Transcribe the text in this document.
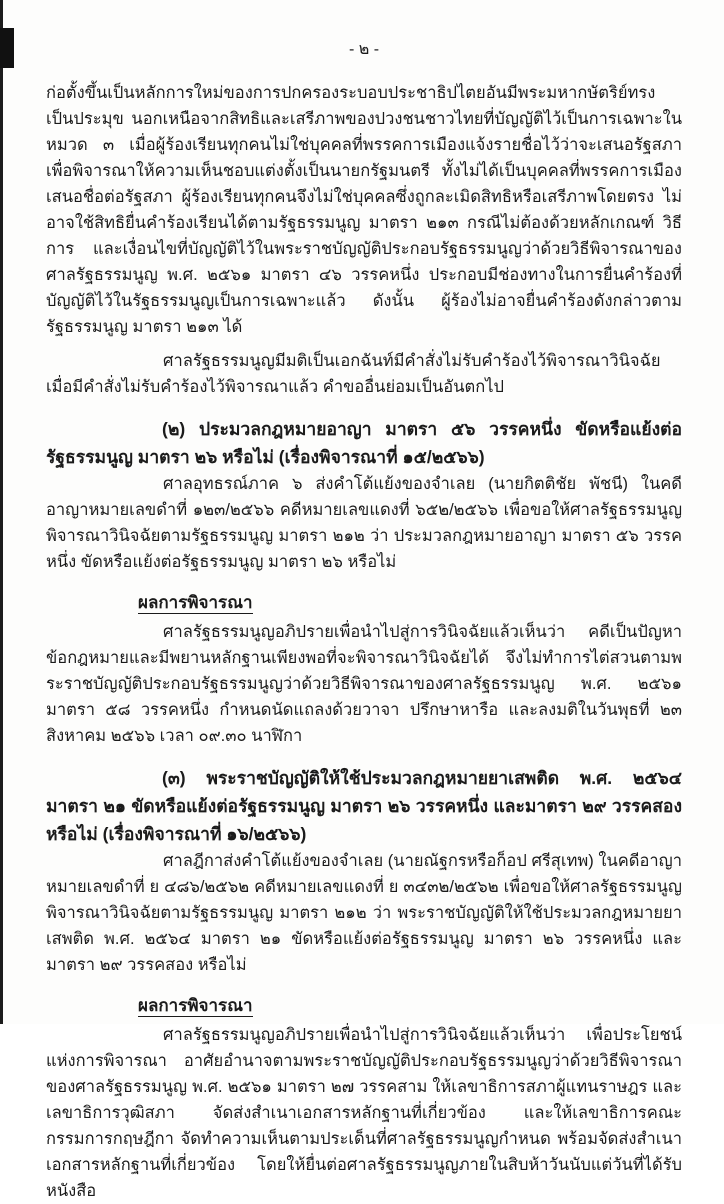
- ๒ -

ก่อตั้งขึ้นเป็นหลักการใหม่ของการปกครองระบอบประชาธิปไตยอันมีพระมหากษัตริย์ทรงเป็นประมุข นอกเหนือจากสิทธิและเสรีภาพของปวงชนชาวไทยที่บัญญัติไว้เป็นการเฉพาะในหมวด ๓ เมื่อผู้ร้องเรียนทุกคนไม่ใช่บุคคลที่พรรคการเมืองแจ้งรายชื่อไว้ว่าจะเสนอรัฐสภาเพื่อพิจารณาให้ความเห็นชอบแต่งตั้งเป็นนายกรัฐมนตรี ทั้งไม่ได้เป็นบุคคลที่พรรคการเมืองเสนอชื่อต่อรัฐสภา ผู้ร้องเรียนทุกคนจึงไม่ใช่บุคคลซึ่งถูกละเมิดสิทธิหรือเสรีภาพโดยตรง ไม่อาจใช้สิทธิยื่นคำร้องเรียนได้ตามรัฐธรรมนูญ มาตรา ๒๑๓ กรณีไม่ต้องด้วยหลักเกณฑ์ วิธีการ และเงื่อนไขที่บัญญัติไว้ในพระราชบัญญัติประกอบรัฐธรรมนูญว่าด้วยวิธีพิจารณาของศาลรัฐธรรมนูญ พ.ศ. ๒๕๖๑ มาตรา ๔๖ วรรคหนึ่ง ประกอบมีช่องทางในการยื่นคำร้องที่บัญญัติไว้ในรัฐธรรมนูญเป็นการเฉพาะแล้ว ดังนั้น ผู้ร้องไม่อาจยื่นคำร้องดังกล่าวตามรัฐธรรมนูญ มาตรา ๒๑๓ ได้

ศาลรัฐธรรมนูญมีมติเป็นเอกฉันท์มีคำสั่งไม่รับคำร้องไว้พิจารณาวินิจฉัย เมื่อมีคำสั่งไม่รับคำร้องไว้พิจารณาแล้ว คำขออื่นย่อมเป็นอันตกไป

(๒) ประมวลกฎหมายอาญา มาตรา ๕๖ วรรคหนึ่ง ขัดหรือแย้งต่อรัฐธรรมนูญ มาตรา ๒๖ หรือไม่ (เรื่องพิจารณาที่ ๑๕/๒๕๖๖)

ศาลอุทธรณ์ภาค ๖ ส่งคำโต้แย้งของจำเลย (นายกิตติชัย พัชนี) ในคดีอาญาหมายเลขดำที่ ๑๒๓/๒๕๖๖ คดีหมายเลขแดงที่ ๖๕๒/๒๕๖๖ เพื่อขอให้ศาลรัฐธรรมนูญพิจารณาวินิจฉัยตามรัฐธรรมนูญ มาตรา ๒๑๒ ว่า ประมวลกฎหมายอาญา มาตรา ๕๖ วรรคหนึ่ง ขัดหรือแย้งต่อรัฐธรรมนูญ มาตรา ๒๖ หรือไม่

ผลการพิจารณา

ศาลรัฐธรรมนูญอภิปรายเพื่อนำไปสู่การวินิจฉัยแล้วเห็นว่า คดีเป็นปัญหาข้อกฎหมายและมีพยานหลักฐานเพียงพอที่จะพิจารณาวินิจฉัยได้ จึงไม่ทำการไต่สวนตามพระราชบัญญัติประกอบรัฐธรรมนูญว่าด้วยวิธีพิจารณาของศาลรัฐธรรมนูญ พ.ศ. ๒๕๖๑ มาตรา ๕๘ วรรคหนึ่ง กำหนดนัดแถลงด้วยวาจา ปรึกษาหารือ และลงมติในวันพุธที่ ๒๓ สิงหาคม ๒๕๖๖ เวลา ๐๙.๓๐ นาฬิกา

(๓) พระราชบัญญัติให้ใช้ประมวลกฎหมายยาเสพติด พ.ศ. ๒๕๖๔ มาตรา ๒๑ ขัดหรือแย้งต่อรัฐธรรมนูญ มาตรา ๒๖ วรรคหนึ่ง และมาตรา ๒๙ วรรคสอง หรือไม่ (เรื่องพิจารณาที่ ๑๖/๒๕๖๖)

ศาลฎีกาส่งคำโต้แย้งของจำเลย (นายณัฐกรหรือก็อป ศรีสุเทพ) ในคดีอาญา หมายเลขดำที่ ย ๔๘๖/๒๕๖๒ คดีหมายเลขแดงที่ ย ๓๔๓๒/๒๕๖๒ เพื่อขอให้ศาลรัฐธรรมนูญพิจารณาวินิจฉัยตามรัฐธรรมนูญ มาตรา ๒๑๒ ว่า พระราชบัญญัติให้ใช้ประมวลกฎหมายยาเสพติด พ.ศ. ๒๕๖๔ มาตรา ๒๑ ขัดหรือแย้งต่อรัฐธรรมนูญ มาตรา ๒๖ วรรคหนึ่ง และมาตรา ๒๙ วรรคสอง หรือไม่

ผลการพิจารณา

ศาลรัฐธรรมนูญอภิปรายเพื่อนำไปสู่การวินิจฉัยแล้วเห็นว่า เพื่อประโยชน์แห่งการพิจารณา อาศัยอำนาจตามพระราชบัญญัติประกอบรัฐธรรมนูญว่าด้วยวิธีพิจารณาของศาลรัฐธรรมนูญ พ.ศ. ๒๕๖๑ มาตรา ๒๗ วรรคสาม ให้เลขาธิการสภาผู้แทนราษฎร และเลขาธิการวุฒิสภา จัดส่งสำเนาเอกสารหลักฐานที่เกี่ยวข้อง และให้เลขาธิการคณะกรรมการกฤษฎีกา จัดทำความเห็นตามประเด็นที่ศาลรัฐธรรมนูญกำหนด พร้อมจัดส่งสำเนาเอกสารหลักฐานที่เกี่ยวข้อง โดยให้ยื่นต่อศาลรัฐธรรมนูญภายในสิบห้าวันนับแต่วันที่ได้รับหนังสือ
